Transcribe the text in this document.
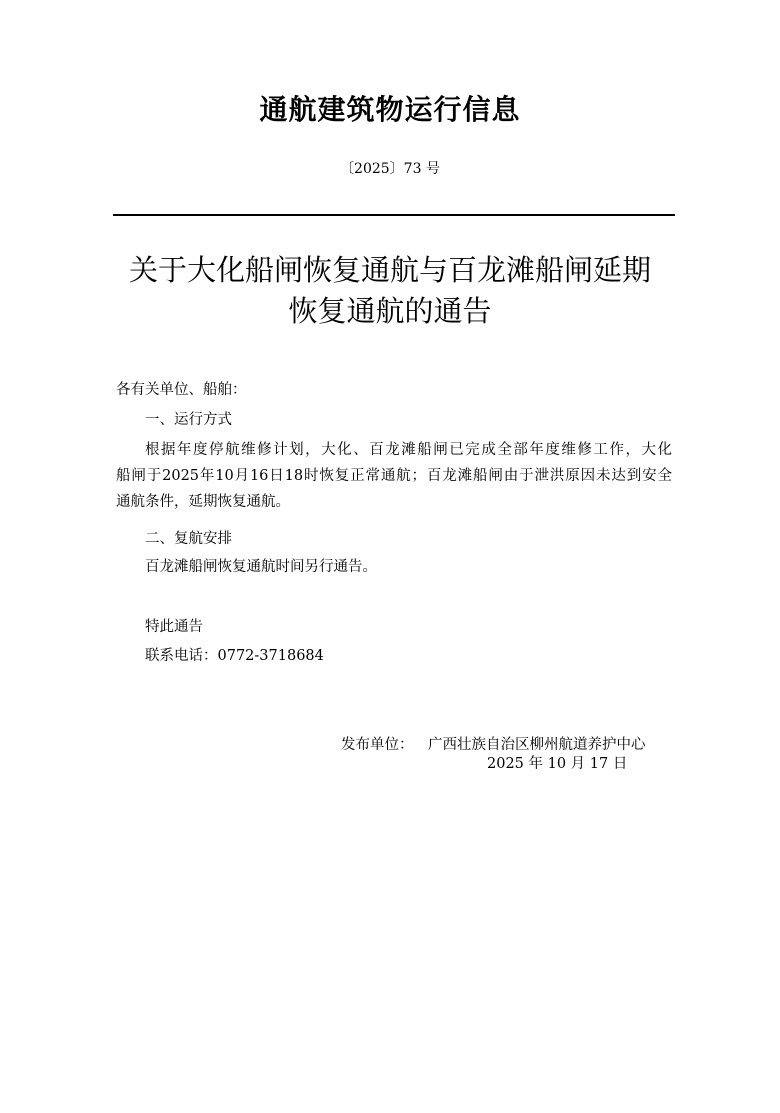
通航建筑物运行信息
〔2025〕73 号
关于大化船闸恢复通航与百龙滩船闸延期
恢复通航的通告
各有关单位、船舶：
一、运行方式
根据年度停航维修计划，大化、百龙滩船闸已完成全部年度维修工作，大化
船闸于2025年10月16日18时恢复正常通航；百龙滩船闸由于泄洪原因未达到安全
通航条件，延期恢复通航。
二、复航安排
百龙滩船闸恢复通航时间另行通告。
特此通告
联系电话：0772-3718684
发布单位： 广西壮族自治区柳州航道养护中心
2025 年 10 月 17 日
